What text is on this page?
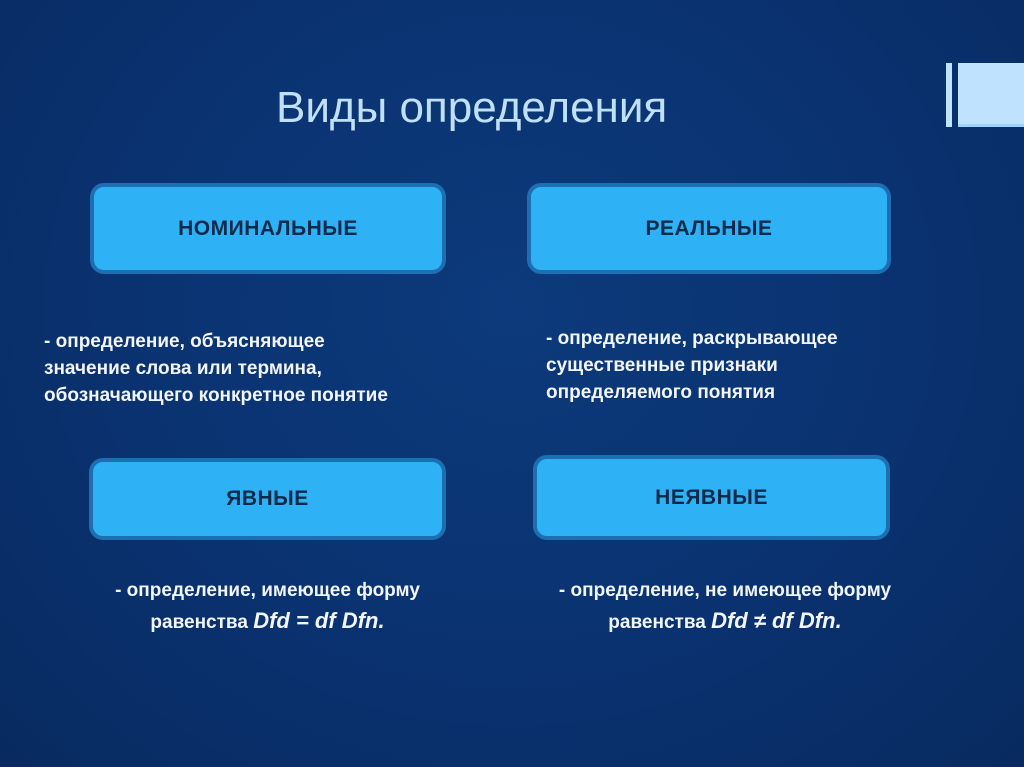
Виды определения
НОМИНАЛЬНЫЕ	РЕАЛЬНЫЕ

- определение, объясняющее

значение слова или термина,

обозначающего конкретное понятие

- определение, раскрывающее

существенные признаки

определяемого понятия

ЯВНЫЕ	НЕЯВНЫЕ

- определение, имеющее форму

равенства Dfd = df Dfn.

- определение, не имеющее форму

равенства Dfd ≠ df Dfn.
